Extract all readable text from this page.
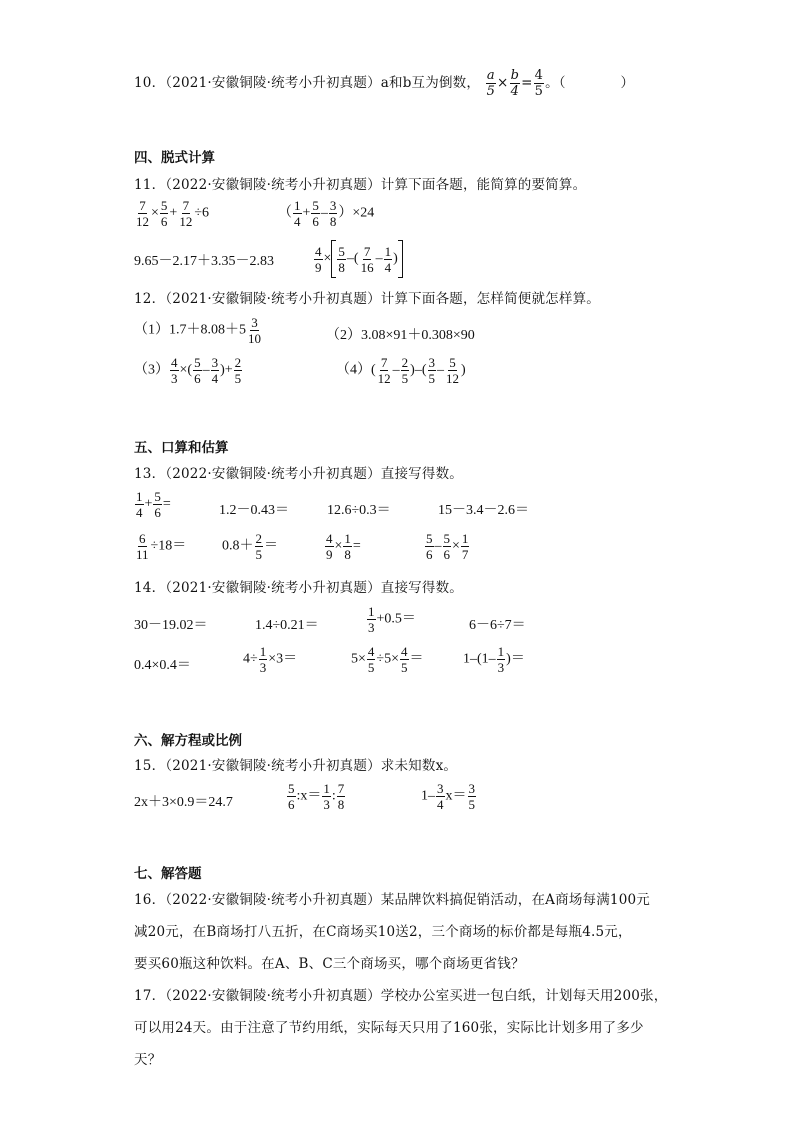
10．（2021·安徽铜陵·统考小升初真题）a和b互为倒数， $\frac{a}{5} \times \frac{b}{4} = \frac{4}{5}$ 。（　　　　）
四、脱式计算
11．（2022·安徽铜陵·统考小升初真题）计算下面各题，能简算的要简算。
$\frac{7}{12} \times \frac{5}{6} + \frac{7}{12} \div 6$	（ $\frac{1}{4} + \frac{5}{6} - \frac{3}{8} )\times 24$
9.65－2.17＋3.35－2.83	$\frac{4}{9} \times \frac{5}{8}$ –( $\frac{7}{16} - \frac{1}{4}$ )
12．（2021·安徽铜陵·统考小升初真题）计算下面各题，怎样简便就怎样算。
$(1)1.7+8.08+5 \frac{3}{10}$	（2）3.08×91＋0.308×90
$(3) \frac{4}{3}$ ×( $\frac{5}{6} - \frac{3}{4}$ )+ $\frac{2}{5}$	$(4)( \frac{7}{12} - \frac{2}{5}$ )–( $\frac{3}{5} - \frac{5}{12}$ )
五、口算和估算
13．（2022·安徽铜陵·统考小升初真题）直接写得数。
$\frac{1}{4} + \frac{5}{6}$ =	1.2－0.43＝	12.6÷0.3＝	15－3.4－2.6＝
$\frac{6}{11} \div 18=$	$0.8+ \frac{2}{5}$ ＝	$\frac{4}{9} \times \frac{1}{8}$ =	$\frac{5}{6} - \frac{5}{6} \times \frac{1}{7}$
14．（2021·安徽铜陵·统考小升初真题）直接写得数。
30－19.02＝	1.4÷0.21＝	$\frac{1}{3} +0.5=$	6－6÷7＝
0.4×0.4＝	$4\div \frac{1}{3} \times 3=$	$5\times \frac{4}{5} \div 5\times \frac{4}{5}$ ＝	$1-(1- \frac{1}{3}$ )＝
六、解方程或比例
15．（2021·安徽铜陵·统考小升初真题）求未知数x。
2x＋3×0.9＝24.7	$\frac{5}{6}$ :x＝ $\frac{1}{3}$ : $\frac{7}{8}$	$1- \frac{3}{4} x= \frac{3}{5}$
七、解答题
16．（2022·安徽铜陵·统考小升初真题）某品牌饮料搞促销活动，在A商场每满100元
减20元，在B商场打八五折，在C商场买10送2，三个商场的标价都是每瓶4.5元，
要买60瓶这种饮料。在A、B、C三个商场买，哪个商场更省钱？
17．（2022·安徽铜陵·统考小升初真题）学校办公室买进一包白纸，计划每天用200张，
可以用24天。由于注意了节约用纸，实际每天只用了160张，实际比计划多用了多少
天？
